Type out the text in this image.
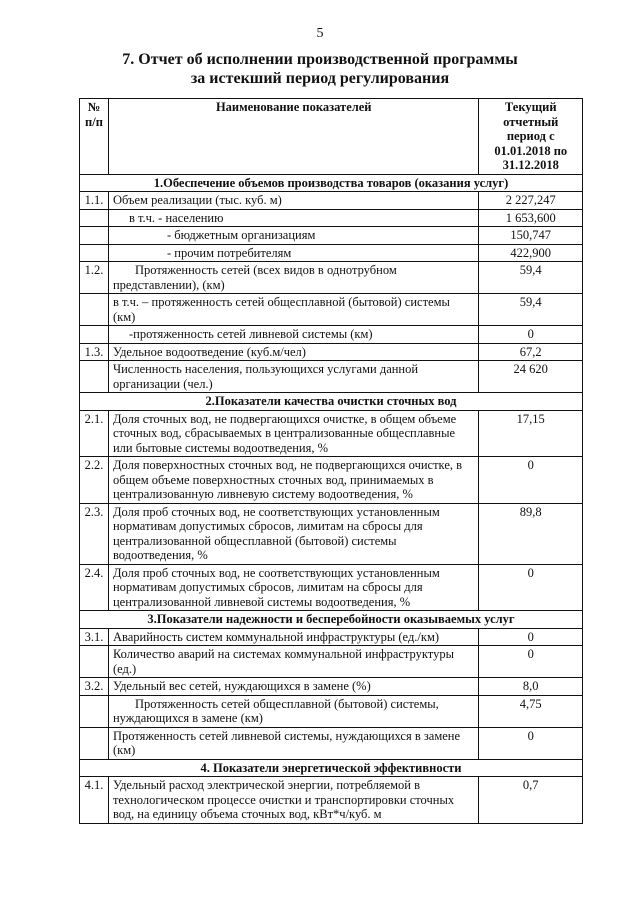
5
7. Отчет об исполнении производственной программы
за истекший период регулирования
№ п/п	Наименование показателей	Текущий отчетный период с 01.01.2018 по 31.12.2018
1.Обеспечение объемов производства товаров (оказания услуг)		
1.1.	Объем реализации (тыс. куб. м)	2 227,247
	в т.ч. - населению	1 653,600
	- бюджетным организациям	150,747
	- прочим потребителям	422,900
1.2.	Протяженность сетей (всех видов в однотрубном представлении), (км)	59,4
	в т.ч. – протяженность сетей общесплавной (бытовой) системы (км)	59,4
	-протяженность сетей ливневой системы (км)	0
1.3.	Удельное водоотведение (куб.м/чел)	67,2
	Численность населения, пользующихся услугами данной организации (чел.)	24 620
2.Показатели качества очистки сточных вод		
2.1.	Доля сточных вод, не подвергающихся очистке, в общем объеме сточных вод, сбрасываемых в централизованные общесплавные или бытовые системы водоотведения, %	17,15
2.2.	Доля поверхностных сточных вод, не подвергающихся очистке, в общем объеме поверхностных сточных вод, принимаемых в централизованную ливневую систему водоотведения, %	0
2.3.	Доля проб сточных вод, не соответствующих установленным нормативам допустимых сбросов, лимитам на сбросы для централизованной общесплавной (бытовой) системы водоотведения, %	89,8
2.4.	Доля проб сточных вод, не соответствующих установленным нормативам допустимых сбросов, лимитам на сбросы для централизованной ливневой системы водоотведения, %	0
3.Показатели надежности и бесперебойности оказываемых услуг		
3.1.	Аварийность систем коммунальной инфраструктуры (ед./км)	0
	Количество аварий на системах коммунальной инфраструктуры (ед.)	0
3.2.	Удельный вес сетей, нуждающихся в замене (%)	8,0
	Протяженность сетей общесплавной (бытовой) системы, нуждающихся в замене (км)	4,75
	Протяженность сетей ливневой системы, нуждающихся в замене (км)	0
4. Показатели энергетической эффективности		
4.1.	Удельный расход электрической энергии, потребляемой в технологическом процессе очистки и транспортировки сточных вод, на единицу объема сточных вод, кВт*ч/куб. м	0,7
